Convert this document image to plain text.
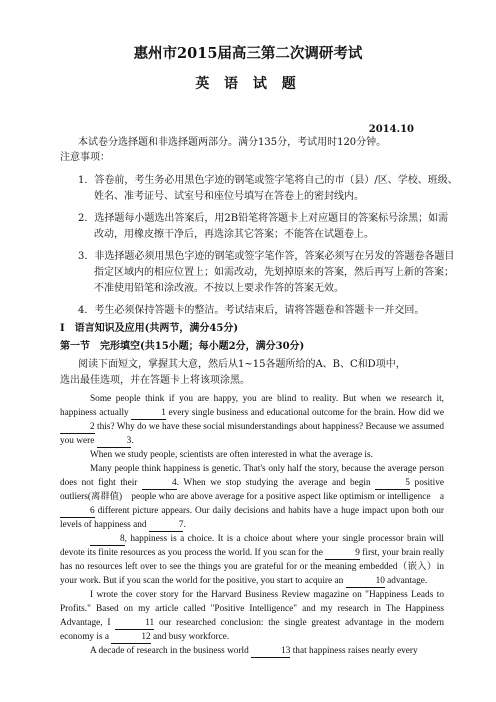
惠州市2015届高三第二次调研考试
英 语 试 题
2014.10
本试卷分选择题和非选择题两部分。满分135分，考试用时120分钟。
注意事项：
1．答卷前，考生务必用黑色字迹的钢笔或签字笔将自己的市（县）/区、学校、班级、
姓名、准考证号、试室号和座位号填写在答卷上的密封线内。
2．选择题每小题选出答案后，用2B铅笔将答题卡上对应题目的答案标号涂黑；如需
改动，用橡皮擦干净后，再选涂其它答案；不能答在试题卷上。
3．非选择题必须用黑色字迹的钢笔或签字笔作答，答案必须写在另发的答题卷各题目
指定区域内的相应位置上；如需改动，先划掉原来的答案，然后再写上新的答案；
不准使用铅笔和涂改液。不按以上要求作答的答案无效。
4．考生必须保持答题卡的整洁。考试结束后，请将答题卷和答题卡一并交回。
Ⅰ　语言知识及应用(共两节，满分45分)
第一节　完形填空(共15小题；每小题2分，满分30分)
阅读下面短文，掌握其大意，然后从1~15各题所给的A、B、C和D项中，
选出最佳选项，并在答题卡上将该项涂黑。

Some people think if you are happy, you are blind to reality. But when we research it, happiness actually	1 every single business and educational outcome for the brain. How did we 2 this? Why do we have these social misunderstandings about happiness? Because we assumed you were	3.

When we study people, scientists are often interested in what the average is.

Many people think happiness is genetic. That's only half the story, because the average person does not fight their	4. When we stop studying the average and begin	5 positive outliers(离群值)　people who are above average for a positive aspect like optimism or intelligence　a 6 different picture appears. Our daily decisions and habits have a huge impact upon both our levels of happiness and	7.

8, happiness is a choice. It is a choice about where your single processor brain will devote its finite resources as you process the world. If you scan for the	9 first, your brain really has no resources left over to see the things you are grateful for or the meaning embedded（嵌入）in your work. But if you scan the world for the positive, you start to acquire an	10 advantage.

I wrote the cover story for the Harvard Business Review magazine on "Happiness Leads to Profits." Based on my article called "Positive Intelligence" and my research in The Happiness Advantage, I	11 our researched conclusion: the single greatest advantage in the modern economy is a	12 and busy workforce.

A decade of research in the business world	13 that happiness raises nearly every
